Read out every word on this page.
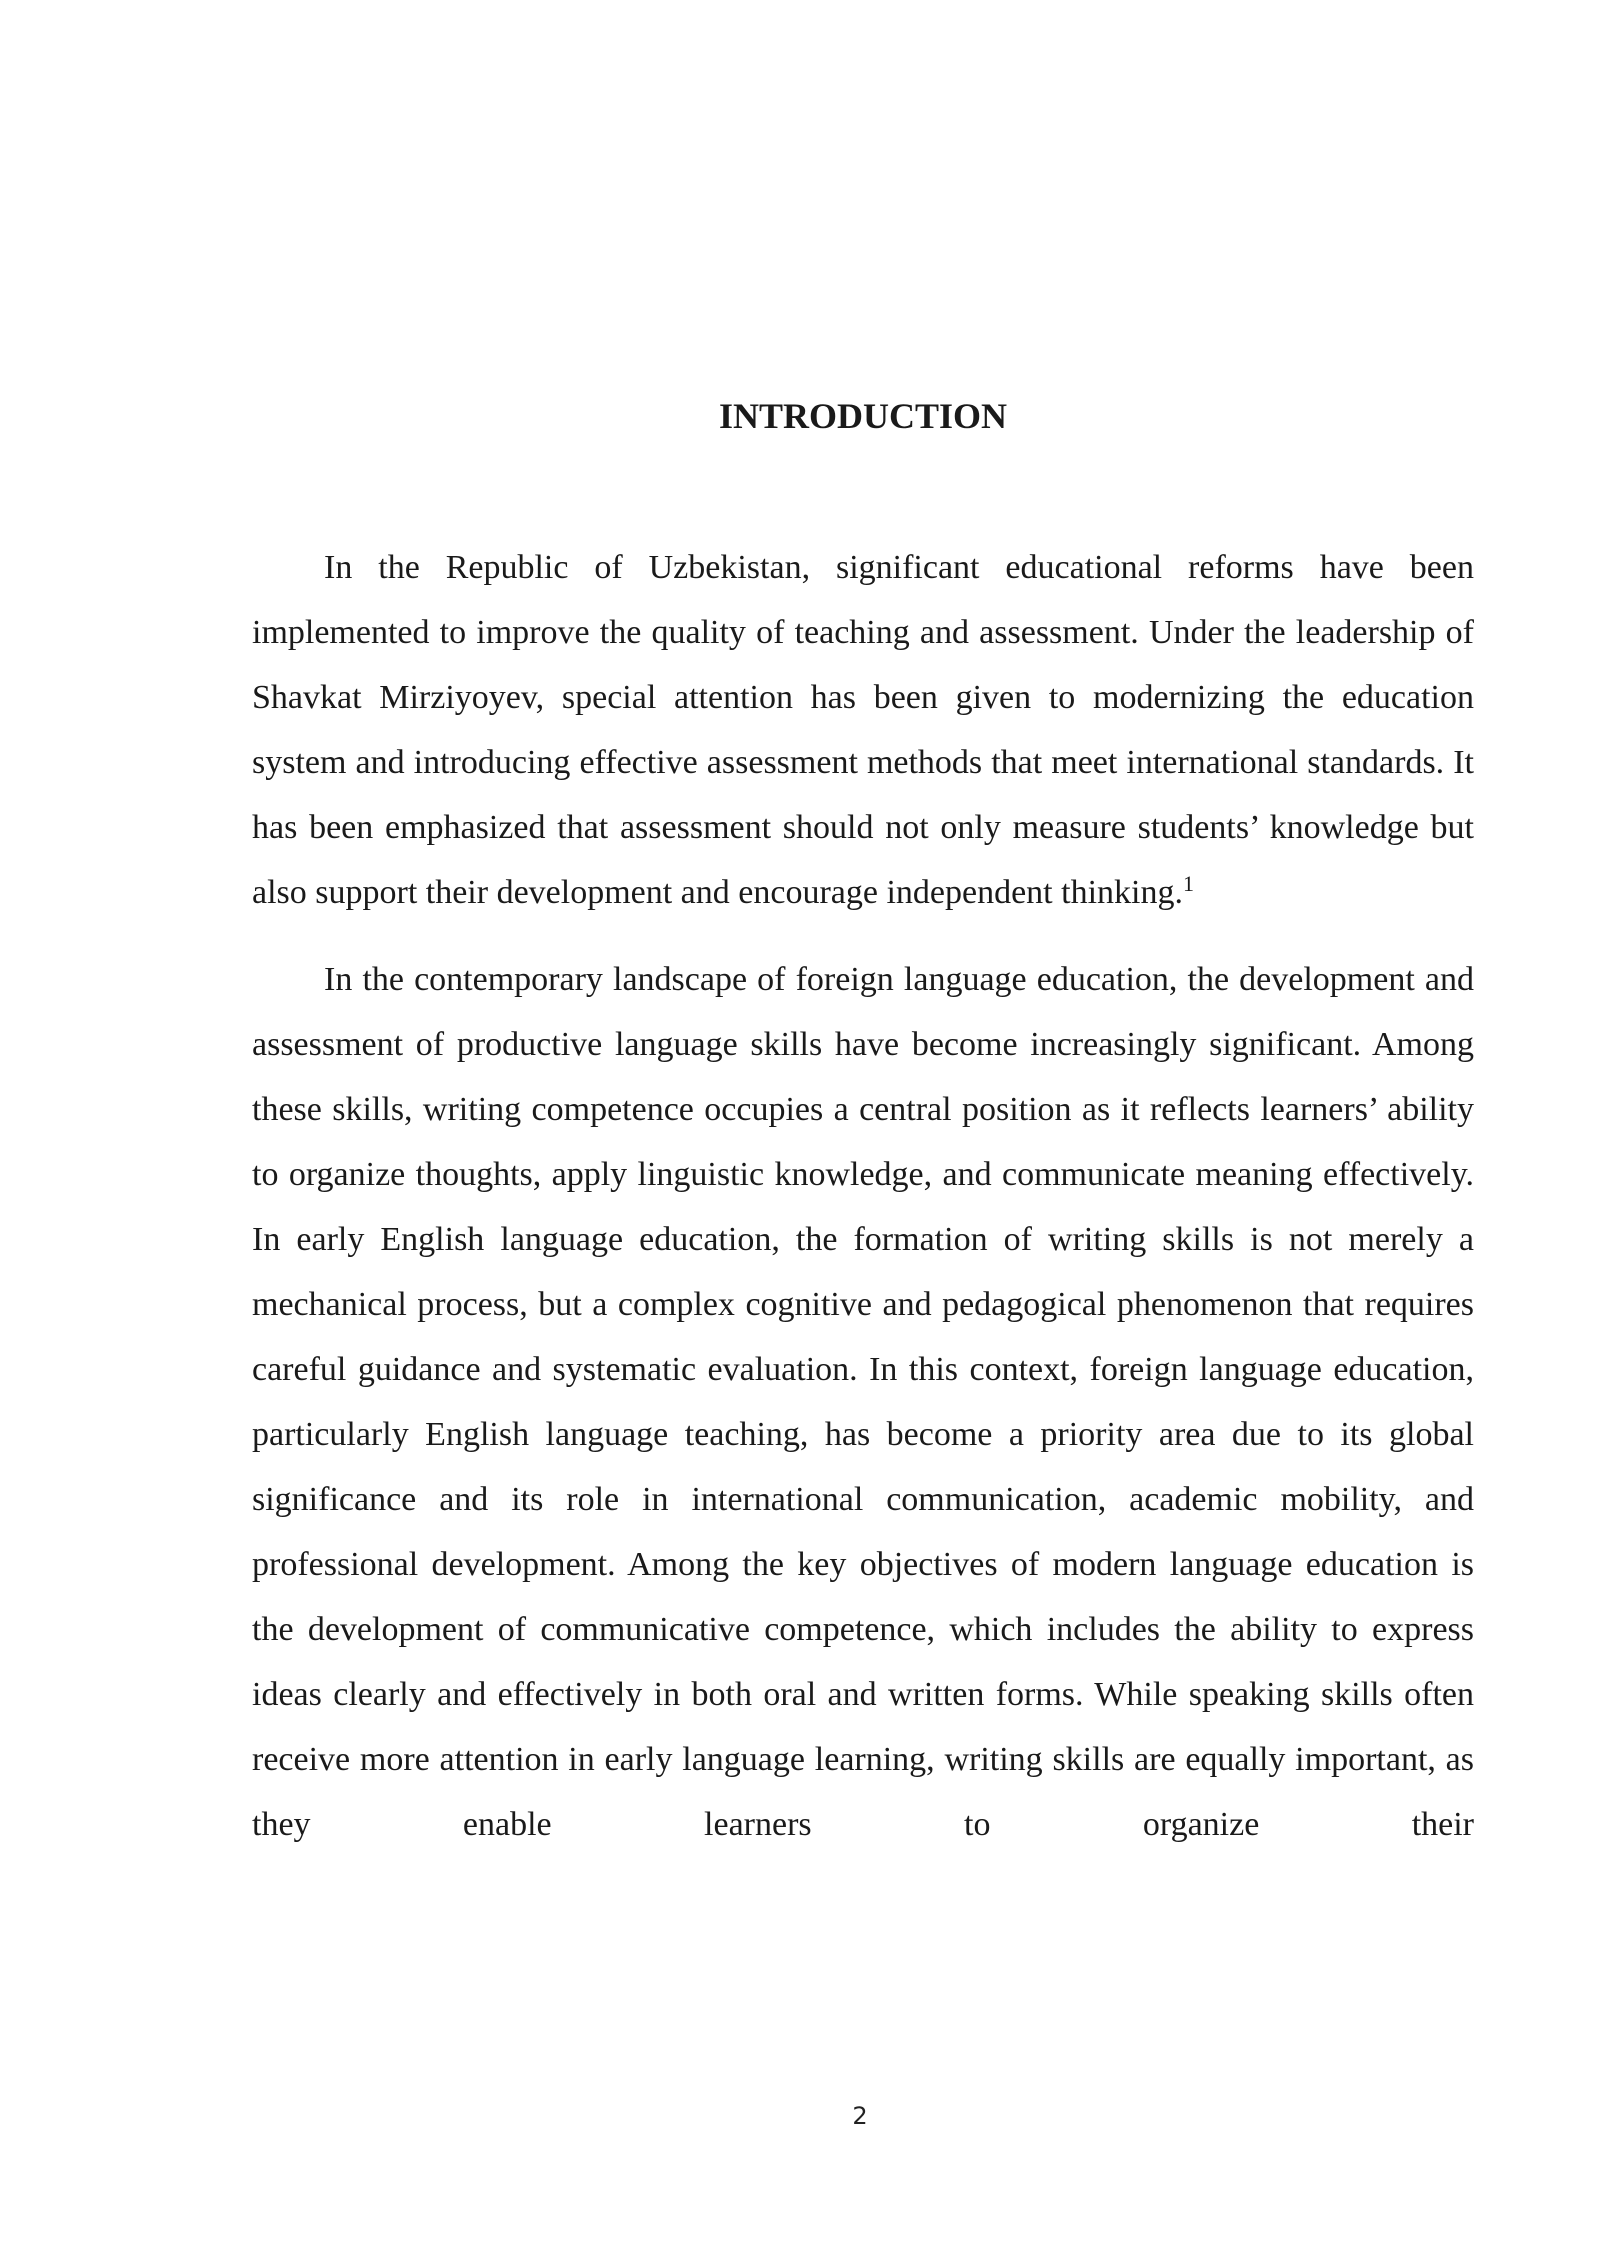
INTRODUCTION

In the Republic of Uzbekistan, significant educational reforms have been implemented to improve the quality of teaching and assessment. Under the leadership of Shavkat Mirziyoyev, special attention has been given to modernizing the education system and introducing effective assessment methods that meet international standards. It has been emphasized that assessment should not only measure students’ knowledge but also support their development and encourage independent thinking.$^1$

In the contemporary landscape of foreign language education, the development and assessment of productive language skills have become increasingly significant. Among these skills, writing competence occupies a central position as it reflects learners’ ability to organize thoughts, apply linguistic knowledge, and communicate meaning effectively. In early English language education, the formation of writing skills is not merely a mechanical process, but a complex cognitive and pedagogical phenomenon that requires careful guidance and systematic evaluation. In this context, foreign language education, particularly English language teaching, has become a priority area due to its global significance and its role in international communication, academic mobility, and professional development. Among the key objectives of modern language education is the development of communicative competence, which includes the ability to express ideas clearly and effectively in both oral and written forms. While speaking skills often receive more attention in early language learning, writing skills are equally important, as they enable learners to organize their

2
